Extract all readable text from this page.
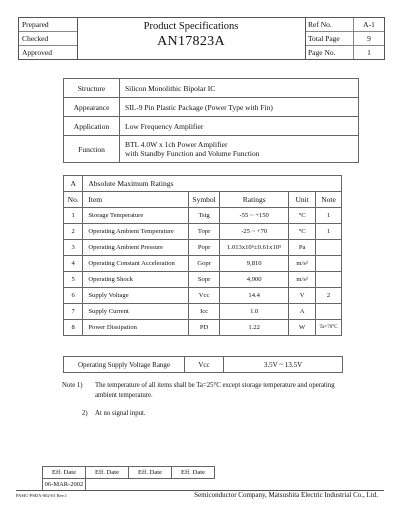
Prepared
Checked
Approved
Product Specifications
AN17823A
Ref No.	A-1
Total Page	9
Page No.	1
Structure	Silicon Monolithic Bipolar IC
Appearance	SIL-9 Pin Plastic Package (Power Type with Fin)
Application	Low Frequency Amplifier
Function	BTL 4.0W x 1ch Power Amplifier
with Standby Function and Volume Function
A	Absolute Maximum Ratings				
No.	Item	Symbol	Ratings	Unit	Note
1	Storage Temperature	Tstg	-55 ~ +150	°C	1
2	Operating Ambient Temperature	Topr	-25 ~ +70	°C	1
3	Operating Ambient Pressure	Popr	1.013x10⁵±0.61x10⁵	Pa	
4	Operating Constant Acceleration	Gopr	9,810	m/s²	
5	Operating Shock	Sopr	4,900	m/s²	
6	Supply Voltage	Vcc	14.4	V	2
7	Supply Current	Icc	1.0	A	
8	Power Dissipation	PD	1.22	W	Ta=70°C
Operating Supply Voltage Range	Vcc	3.5V ~ 13.5V
Note 1) The temperature of all items shall be Ta=25°C except storage temperature and operating ambient temperature.
2) At no signal input.
Eff. Date	Eff. Date	Eff. Date	Eff. Date
06-MAR-2002
PASIC-PSDA-002-01 Rev.1	Semiconductor Company, Matsushita Electric Industrial Co., Ltd.
